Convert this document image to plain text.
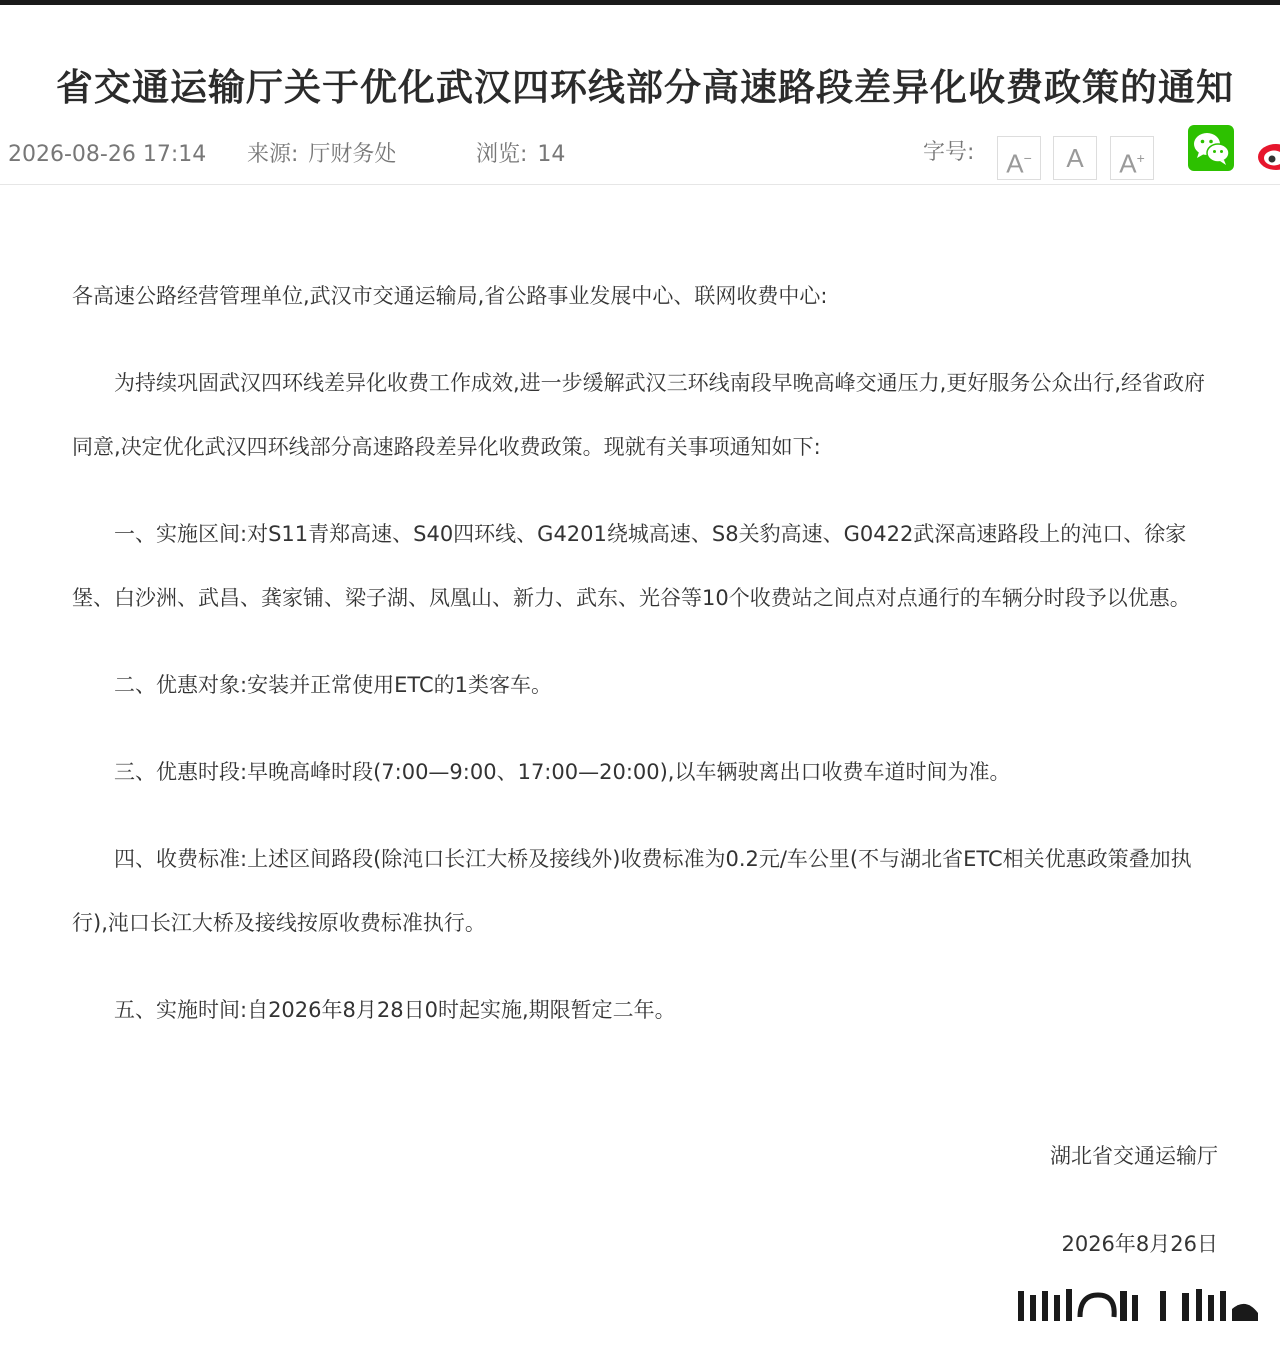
省交通运输厅关于优化武汉四环线部分高速路段差异化收费政策的通知
2026-08-26 17:14 来源: 厅财务处	浏览: 14	字号:	A−	A	A+

各高速公路经营管理单位,武汉市交通运输局,省公路事业发展中心、联网收费中心:

为持续巩固武汉四环线差异化收费工作成效,进一步缓解武汉三环线南段早晚高峰交通压力,更好服务公众出行,经省政府同意,决定优化武汉四环线部分高速路段差异化收费政策。现就有关事项通知如下:

一、实施区间:对S11青郑高速、S40四环线、G4201绕城高速、S8关豹高速、G0422武深高速路段上的沌口、徐家堡、白沙洲、武昌、龚家铺、梁子湖、凤凰山、新力、武东、光谷等10个收费站之间点对点通行的车辆分时段予以优惠。

二、优惠对象:安装并正常使用ETC的1类客车。

三、优惠时段:早晚高峰时段(7:00—9:00、17:00—20:00),以车辆驶离出口收费车道时间为准。

四、收费标准:上述区间路段(除沌口长江大桥及接线外)收费标准为0.2元/车公里(不与湖北省ETC相关优惠政策叠加执行),沌口长江大桥及接线按原收费标准执行。

五、实施时间:自2026年8月28日0时起实施,期限暂定二年。

湖北省交通运输厅
2026年8月26日
